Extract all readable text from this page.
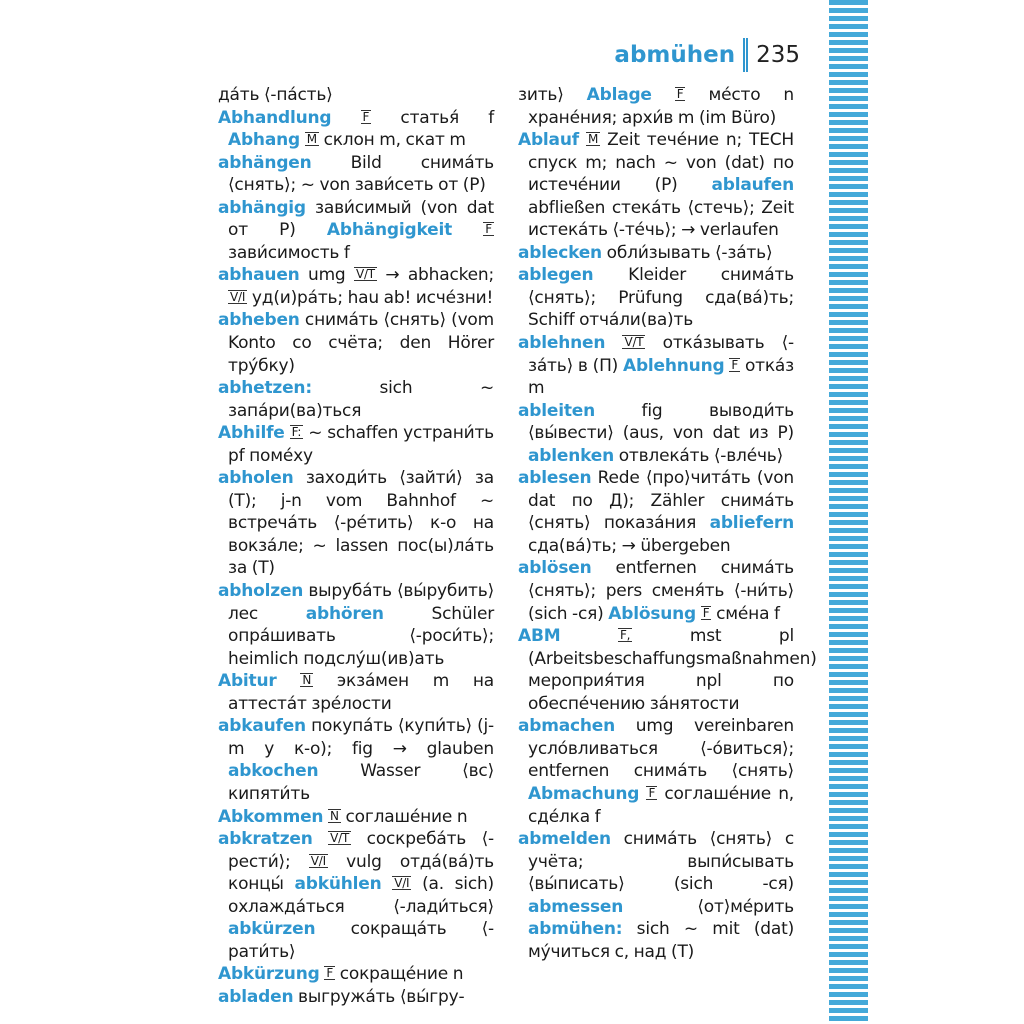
abmühen 235
да́ть ⟨-па́сть⟩
Abhandlung	F статья́ f Abhang M склон m, скат m
abhängen Bild снима́ть ⟨снять⟩; ~ von зави́сеть от (P)
abhängig зави́симый (von dat от P) Abhängigkeit	F зави́симость f
abhauen umg V/T → abhacken; V/I уд(и)ра́ть; hau ab! исче́зни!
abheben снима́ть ⟨снять⟩ (vom Konto со счёта; den Hörer тру́бку)
abhetzen: sich ~ запа́ри(ва)ться
Abhilfe F: ~ schaffen устрани́ть pf поме́ху
abholen заходи́ть ⟨зайти́⟩ за (T); j-n vom Bahnhof ~ встреча́ть ⟨-ре́тить⟩ к-о на вокза́ле; ~ lassen пос(ы)ла́ть за (T)
abholzen выруба́ть ⟨вы́рубить⟩ лес abhören Schüler опра́шивать ⟨-роси́ть⟩; heimlich подслу́ш(ив)ать
Abitur N экза́мен m на аттеста́т зре́лости
abkaufen покупа́ть ⟨купи́ть⟩ (j-m у к-о); fig → glauben abkochen Wasser ⟨вс⟩кипяти́ть
Abkommen N соглаше́ние n
abkratzen V/T соскреба́ть ⟨-рести́⟩; V/I vulg отда́(ва́)ть концы́ abkühlen V/I (a. sich) охлажда́ться ⟨-лади́ться⟩ abkürzen сокраща́ть ⟨-рати́ть⟩
Abkürzung F сокраще́ние n
abladen выгружа́ть ⟨вы́гру-
зить⟩ Ablage F ме́сто n хране́ния; архи́в m (im Büro)
Ablauf M Zeit тече́ние n; TECH спуск m; nach ~ von (dat) по истече́нии (P) ablaufen abfließen стека́ть ⟨стечь⟩; Zeit истека́ть ⟨-те́чь⟩; → verlaufen
ablecken обли́зывать ⟨-за́ть⟩
ablegen Kleider снима́ть ⟨снять⟩; Prüfung сда(ва́)ть; Schiff отча́ли(ва)ть
ablehnen V/T отка́зывать ⟨-за́ть⟩ в (П) Ablehnung F отка́з m
ableiten fig выводи́ть ⟨вы́вести⟩ (aus, von dat из P) ablenken отвлека́ть ⟨-вле́чь⟩
ablesen Rede ⟨про⟩чита́ть (von dat по Д); Zähler снима́ть ⟨снять⟩ показа́ния abliefern сда(ва́)ть; → übergeben
ablösen entfernen снима́ть ⟨снять⟩; pers сменя́ть ⟨-ни́ть⟩ (sich -ся) Ablösung F сме́на f
ABM	F, mst pl (Arbeitsbeschaffungsmaßnahmen) мероприя́тия npl по обеспе́чению за́нятости
abmachen umg vereinbaren усло́вливаться ⟨-о́виться⟩; entfernen снима́ть ⟨снять⟩ Abmachung F соглаше́ние n, сде́лка f
abmelden снима́ть ⟨снять⟩ с учёта; выпи́сывать ⟨вы́писать⟩ (sich -ся) abmessen ⟨от⟩ме́рить abmühen: sich ~ mit (dat) му́читься с, над (T)
